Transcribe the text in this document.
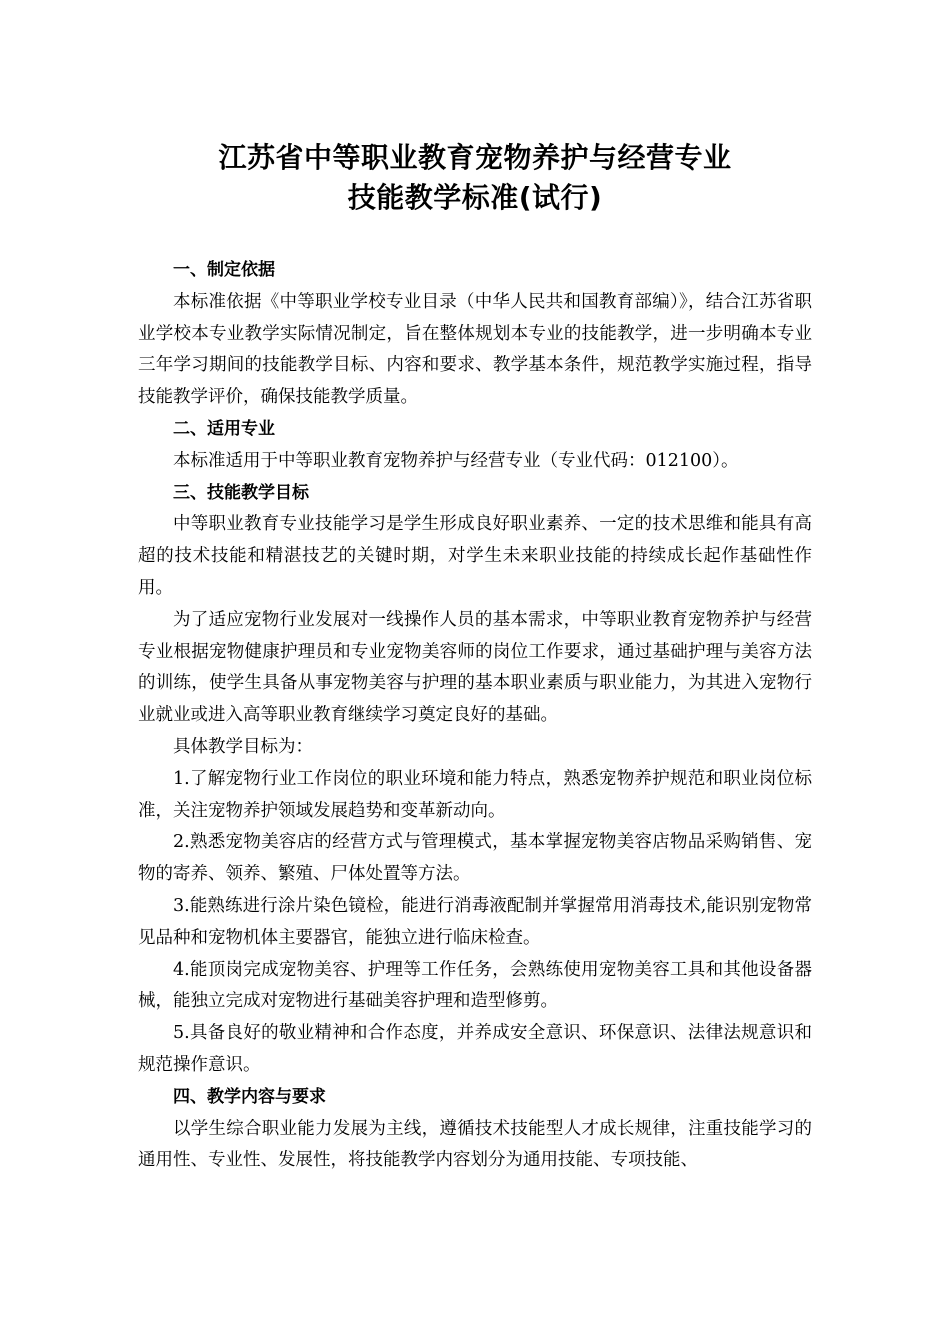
江苏省中等职业教育宠物养护与经营专业
技能教学标准(试行)

一、制定依据

本标准依据《中等职业学校专业目录（中华人民共和国教育部编）》，结合江苏省职业学校本专业教学实际情况制定，旨在整体规划本专业的技能教学，进一步明确本专业三年学习期间的技能教学目标、内容和要求、教学基本条件，规范教学实施过程，指导技能教学评价，确保技能教学质量。

二、适用专业

本标准适用于中等职业教育宠物养护与经营专业（专业代码：012100）。

三、技能教学目标

中等职业教育专业技能学习是学生形成良好职业素养、一定的技术思维和能具有高超的技术技能和精湛技艺的关键时期，对学生未来职业技能的持续成长起作基础性作用。

为了适应宠物行业发展对一线操作人员的基本需求，中等职业教育宠物养护与经营专业根据宠物健康护理员和专业宠物美容师的岗位工作要求，通过基础护理与美容方法的训练，使学生具备从事宠物美容与护理的基本职业素质与职业能力，为其进入宠物行业就业或进入高等职业教育继续学习奠定良好的基础。

具体教学目标为：

1.了解宠物行业工作岗位的职业环境和能力特点，熟悉宠物养护规范和职业岗位标准，关注宠物养护领域发展趋势和变革新动向。

2.熟悉宠物美容店的经营方式与管理模式，基本掌握宠物美容店物品采购销售、宠物的寄养、领养、繁殖、尸体处置等方法。

3.能熟练进行涂片染色镜检，能进行消毒液配制并掌握常用消毒技术,能识别宠物常见品种和宠物机体主要器官，能独立进行临床检查。

4.能顶岗完成宠物美容、护理等工作任务，会熟练使用宠物美容工具和其他设备器械，能独立完成对宠物进行基础美容护理和造型修剪。

5.具备良好的敬业精神和合作态度，并养成安全意识、环保意识、法律法规意识和规范操作意识。

四、教学内容与要求

以学生综合职业能力发展为主线，遵循技术技能型人才成长规律，注重技能学习的通用性、专业性、发展性，将技能教学内容划分为通用技能、专项技能、
